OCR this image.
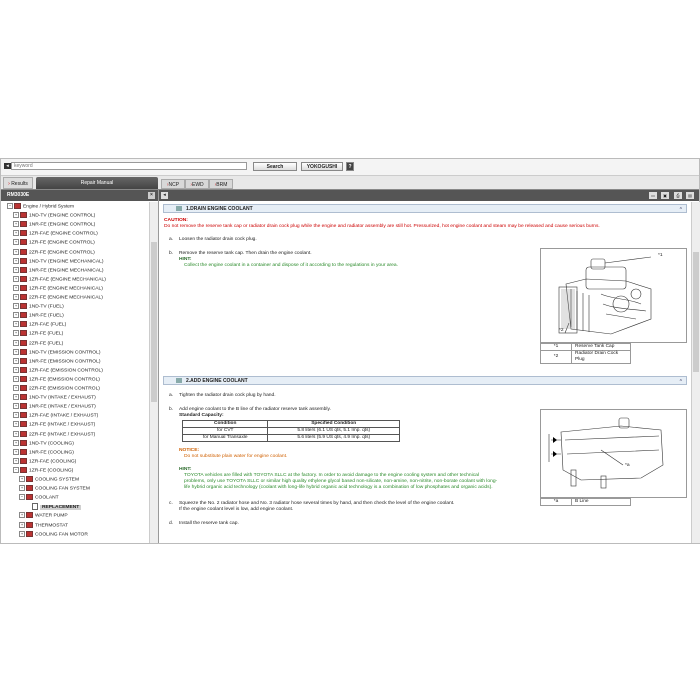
◂
keyword	Search	YOKOGUSHI	?
› Results	Repair Manual	›NCP	›EWD	›BRM
RM3030E	×
− Engine / Hybrid System
+ 1ND-TV (ENGINE CONTROL)
+ 1NR-FE (ENGINE CONTROL)
+ 1ZR-FAE (ENGINE CONTROL)
+ 1ZR-FE (ENGINE CONTROL)
+ 2ZR-FE (ENGINE CONTROL)
+ 1ND-TV (ENGINE MECHANICAL)
+ 1NR-FE (ENGINE MECHANICAL)
+ 1ZR-FAE (ENGINE MECHANICAL)
+ 1ZR-FE (ENGINE MECHANICAL)
+ 2ZR-FE (ENGINE MECHANICAL)
+ 1ND-TV (FUEL)
+ 1NR-FE (FUEL)
+ 1ZR-FAE (FUEL)
+ 1ZR-FE (FUEL)
+ 2ZR-FE (FUEL)
+ 1ND-TV (EMISSION CONTROL)
+ 1NR-FE (EMISSION CONTROL)
+ 1ZR-FAE (EMISSION CONTROL)
+ 1ZR-FE (EMISSION CONTROL)
+ 2ZR-FE (EMISSION CONTROL)
+ 1ND-TV (INTAKE / EXHAUST)
+ 1NR-FE (INTAKE / EXHAUST)
+ 1ZR-FAE (INTAKE / EXHAUST)
+ 1ZR-FE (INTAKE / EXHAUST)
+ 2ZR-FE (INTAKE / EXHAUST)
+ 1ND-TV (COOLING)
+ 1NR-FE (COOLING)
+ 1ZR-FAE (COOLING)
− 1ZR-FE (COOLING)
+ COOLING SYSTEM
+ COOLING FAN SYSTEM
− COOLANT
REPLACEMENT
+ WATER PUMP
+ THERMOSTAT
+ COOLING FAN MOTOR
◂	▭	▣	⎙	▤
1.DRAIN ENGINE COOLANT	⌃
CAUTION:
Do not remove the reserve tank cap or radiator drain cock plug while the engine and radiator assembly are still hot. Pressurized, hot engine coolant and steam may be released and cause serious burns.
a. Loosen the radiator drain cock plug.
b. Remove the reserve tank cap. Then drain the engine coolant.
HINT:
Collect the engine coolant in a container and dispose of it according to the regulations in your area.
*1
*2
*1	Reserve Tank Cap
*2	Radiator Drain Cock Plug
2.ADD ENGINE COOLANT	⌃
a. Tighten the radiator drain cock plug by hand.
b. Add engine coolant to the B line of the radiator reserve tank assembly.
Standard Capacity:
Condition	Specified Condition
for CVT	5.8 liters (6.1 US qts, 5.1 Imp. qts)
for Manual Transaxle	5.6 liters (5.9 US qts, 4.9 Imp. qts)
NOTICE:
Do not substitute plain water for engine coolant.
HINT:
TOYOTA vehicles are filled with TOYOTA SLLC at the factory. In order to avoid damage to the engine cooling system and other technical
problems, only use TOYOTA SLLC or similar high quality ethylene glycol based non-silicate, non-amine, non-nitrite, non-borate coolant with long-
life hybrid organic acid technology (coolant with long-life hybrid organic acid technology is a combination of low phosphates and organic acids).
c. Squeeze the No. 2 radiator hose and No. 3 radiator hose several times by hand, and then check the level of the engine coolant.
If the engine coolant level is low, add engine coolant.
d. Install the reserve tank cap.
*a
*a	B Line
